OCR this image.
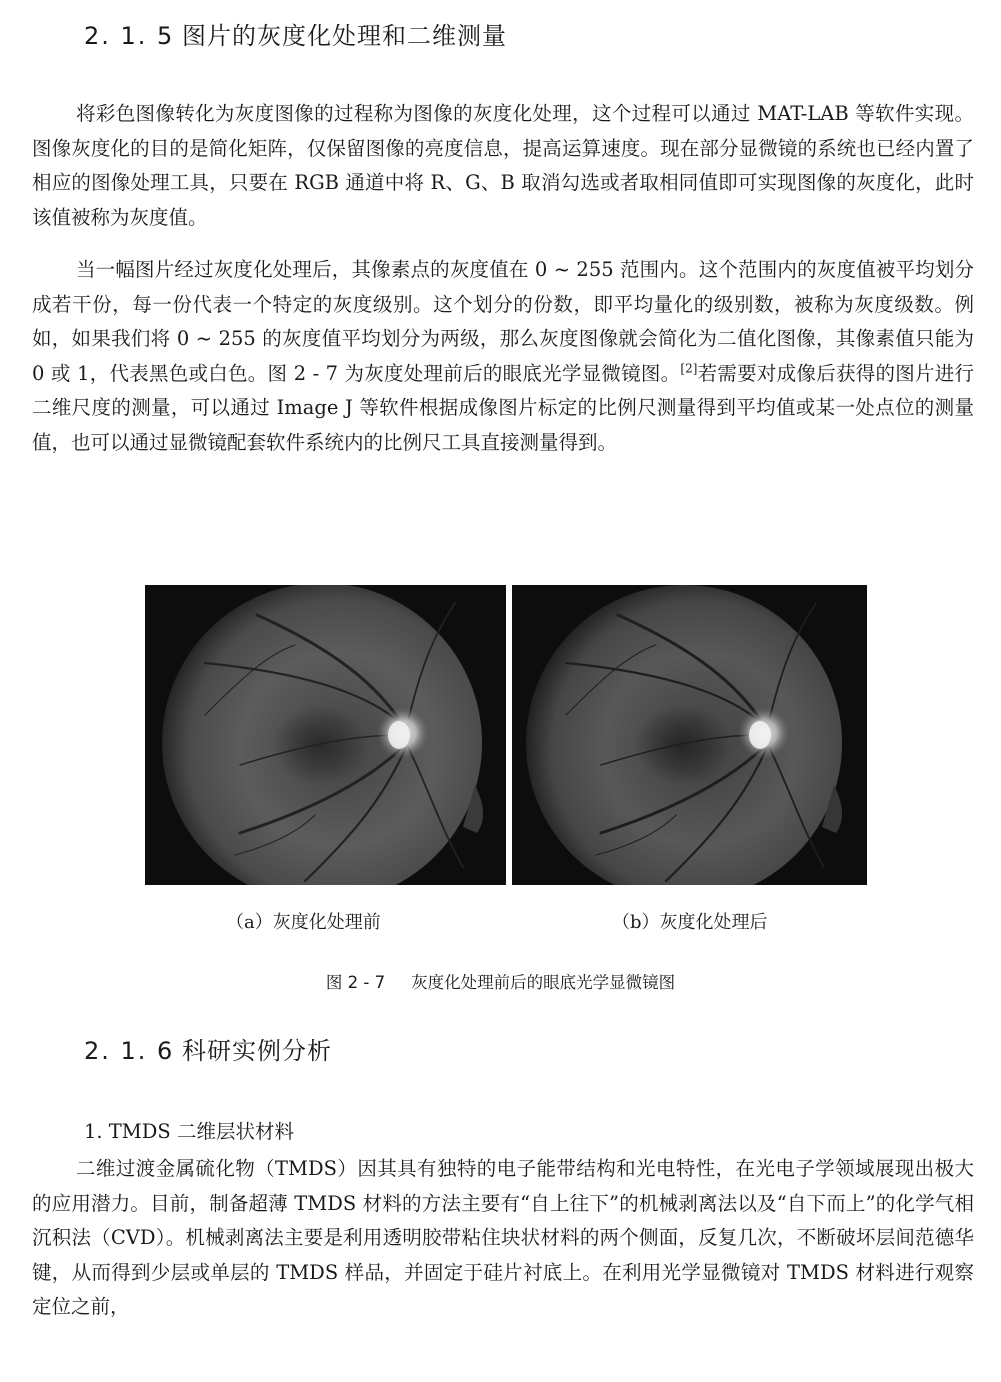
2. 1. 5 图片的灰度化处理和二维测量

将彩色图像转化为灰度图像的过程称为图像的灰度化处理，这个过程可以通过 MAT-LAB 等软件实现。图像灰度化的目的是简化矩阵，仅保留图像的亮度信息，提高运算速度。现在部分显微镜的系统也已经内置了相应的图像处理工具，只要在 RGB 通道中将 R、G、B 取消勾选或者取相同值即可实现图像的灰度化，此时该值被称为灰度值。

当一幅图片经过灰度化处理后，其像素点的灰度值在 0 ~ 255 范围内。这个范围内的灰度值被平均划分成若干份，每一份代表一个特定的灰度级别。这个划分的份数，即平均量化的级别数，被称为灰度级数。例如，如果我们将 0 ~ 255 的灰度值平均划分为两级，那么灰度图像就会简化为二值化图像，其像素值只能为 0 或 1，代表黑色或白色。图 2 - 7 为灰度处理前后的眼底光学显微镜图。[2]若需要对成像后获得的图片进行二维尺度的测量，可以通过 Image J 等软件根据成像图片标定的比例尺测量得到平均值或某一处点位的测量值，也可以通过显微镜配套软件系统内的比例尺工具直接测量得到。

（a）灰度化处理前	（b）灰度化处理后
图 2 - 7 灰度化处理前后的眼底光学显微镜图
2. 1. 6 科研实例分析
1. TMDS 二维层状材料

二维过渡金属硫化物（TMDS）因其具有独特的电子能带结构和光电特性，在光电子学领域展现出极大的应用潜力。目前，制备超薄 TMDS 材料的方法主要有“自上往下”的机械剥离法以及“自下而上”的化学气相沉积法（CVD）。机械剥离法主要是利用透明胶带粘住块状材料的两个侧面，反复几次，不断破坏层间范德华键，从而得到少层或单层的 TMDS 样品，并固定于硅片衬底上。在利用光学显微镜对 TMDS 材料进行观察定位之前，
